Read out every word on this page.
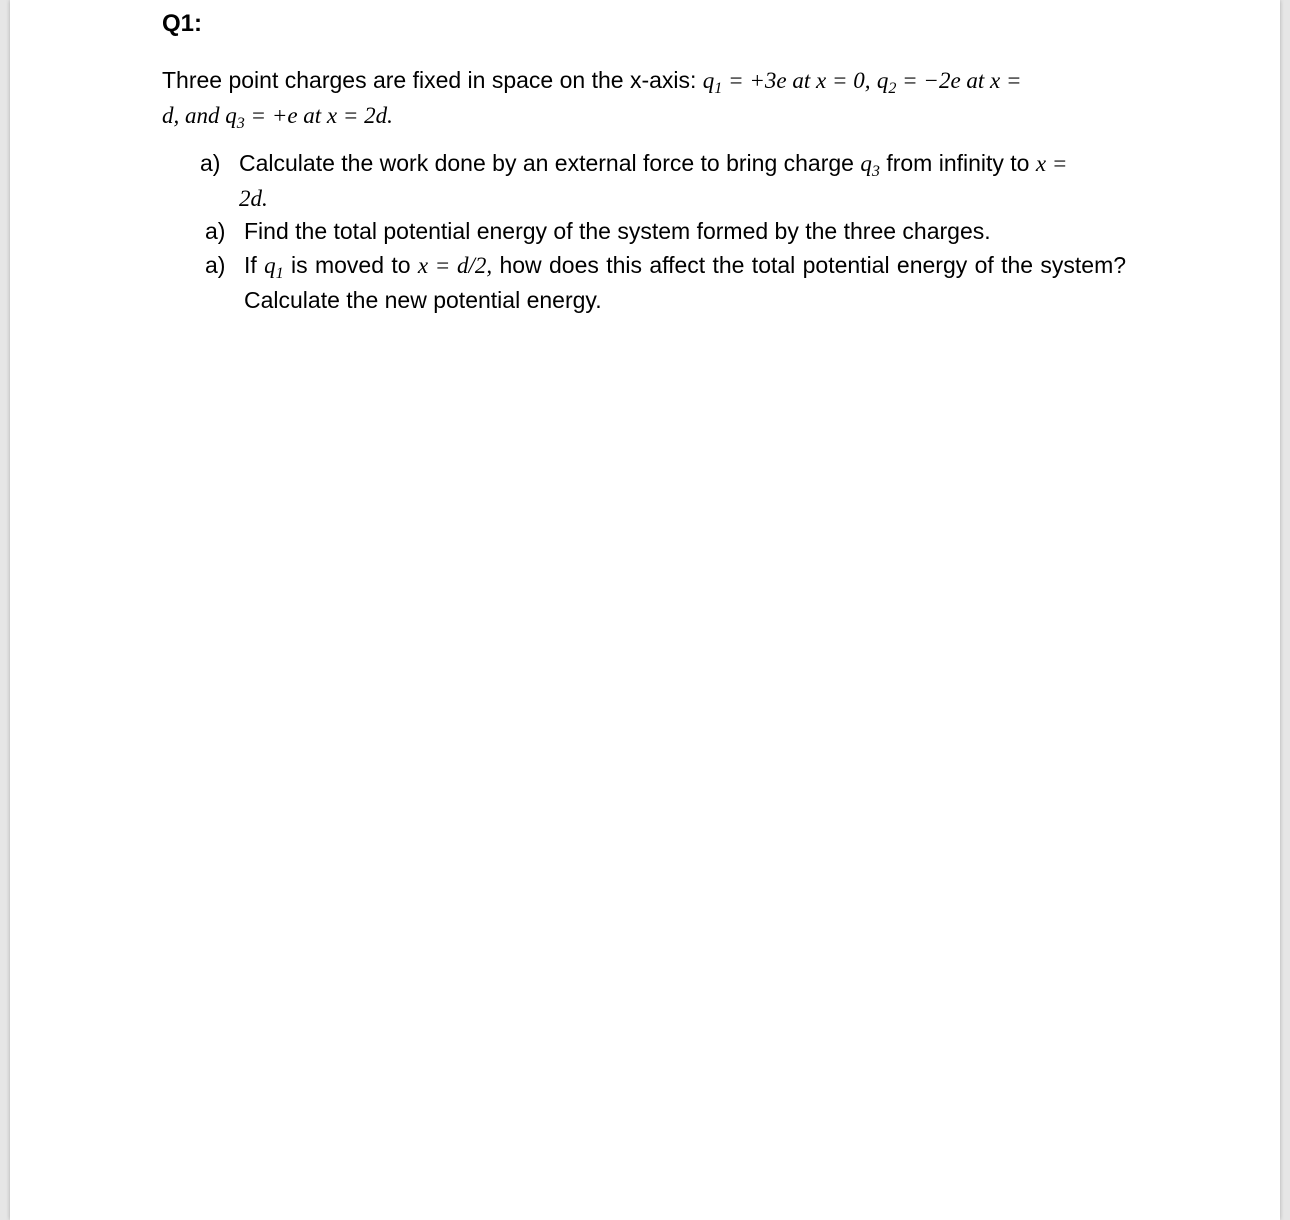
Q1:
Three point charges are fixed in space on the x-axis: $q_1 = +3e$ at x = 0, $q_2 = -2e$ at x =
d, and $q_3 = +e$ at x = 2d.
a) Calculate the work done by an external force to bring charge $q_3$ from infinity to x =
2d.
a) Find the total potential energy of the system formed by the three charges.
a) If $q_1$ is moved to x = d/2, how does this affect the total potential energy of the system? Calculate the new potential energy.
